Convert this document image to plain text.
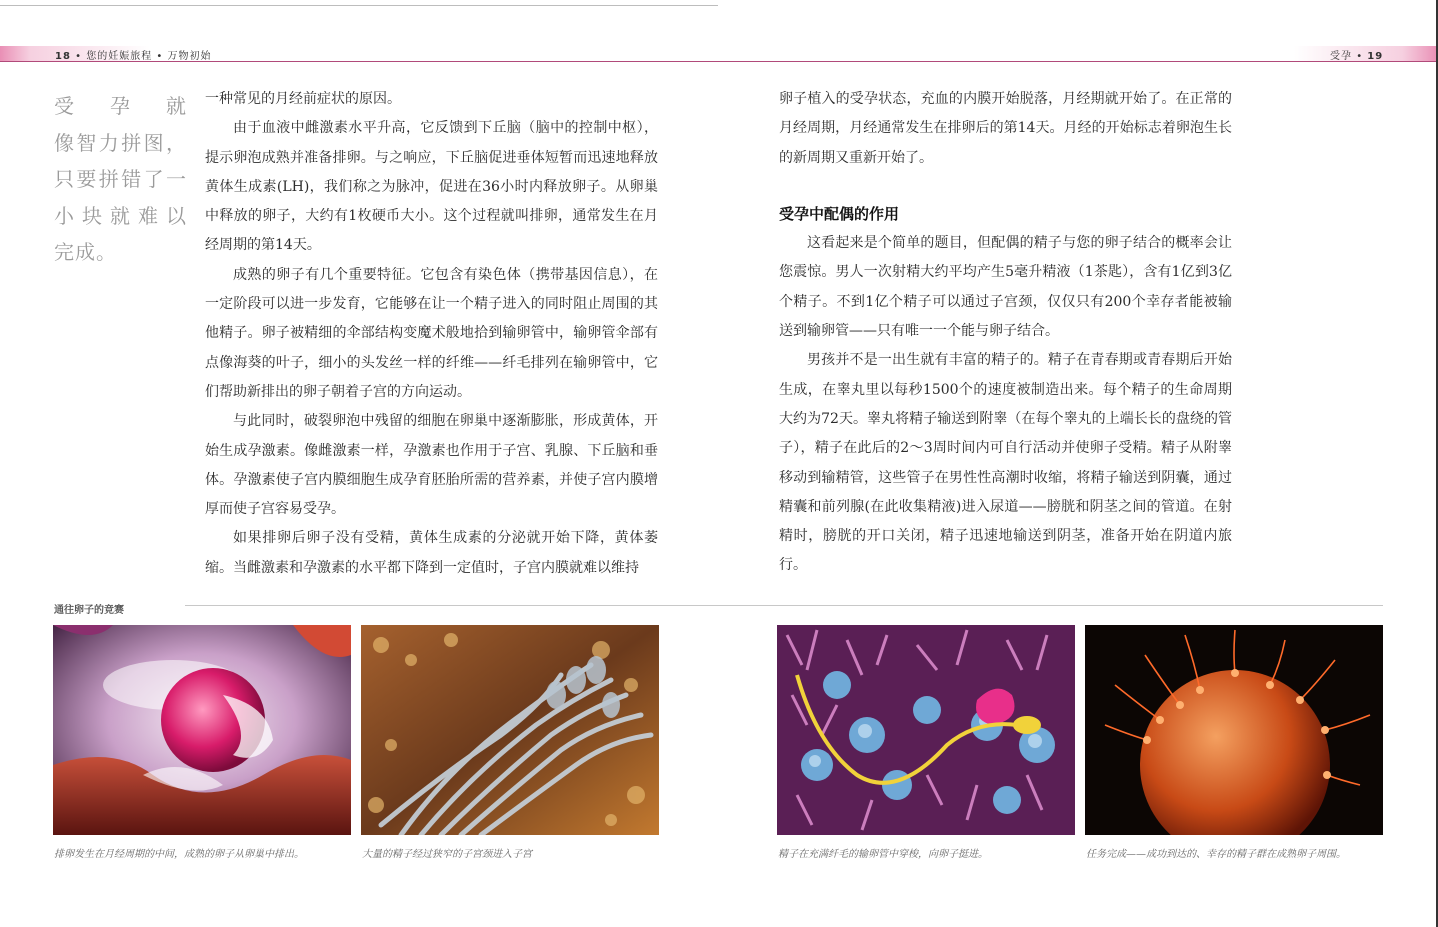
18 • 您的妊娠旅程 • 万物初始	受孕 • 19
受孕就
像智力拼图，
只要拼错了一
小块就难以
完成。

一种常见的月经前症状的原因。

由于血液中雌激素水平升高，它反馈到下丘脑（脑中的控制中枢），提示卵泡成熟并准备排卵。与之响应，下丘脑促进垂体短暂而迅速地释放黄体生成素(LH)，我们称之为脉冲，促进在36小时内释放卵子。从卵巢中释放的卵子，大约有1枚硬币大小。这个过程就叫排卵，通常发生在月经周期的第14天。

成熟的卵子有几个重要特征。它包含有染色体（携带基因信息），在一定阶段可以进一步发育，它能够在让一个精子进入的同时阻止周围的其他精子。卵子被精细的伞部结构变魔术般地拾到输卵管中，输卵管伞部有点像海葵的叶子，细小的头发丝一样的纤维——纤毛排列在输卵管中，它们帮助新排出的卵子朝着子宫的方向运动。

与此同时，破裂卵泡中残留的细胞在卵巢中逐渐膨胀，形成黄体，开始生成孕激素。像雌激素一样，孕激素也作用于子宫、乳腺、下丘脑和垂体。孕激素使子宫内膜细胞生成孕育胚胎所需的营养素，并使子宫内膜增厚而使子宫容易受孕。

如果排卵后卵子没有受精，黄体生成素的分泌就开始下降，黄体萎缩。当雌激素和孕激素的水平都下降到一定值时，子宫内膜就难以维持

卵子植入的受孕状态，充血的内膜开始脱落，月经期就开始了。在正常的月经周期，月经通常发生在排卵后的第14天。月经的开始标志着卵泡生长的新周期又重新开始了。

受孕中配偶的作用

这看起来是个简单的题目，但配偶的精子与您的卵子结合的概率会让您震惊。男人一次射精大约平均产生5毫升精液（1茶匙），含有1亿到3亿个精子。不到1亿个精子可以通过子宫颈，仅仅只有200个幸存者能被输送到输卵管——只有唯一一个能与卵子结合。

男孩并不是一出生就有丰富的精子的。精子在青春期或青春期后开始生成，在睾丸里以每秒1500个的速度被制造出来。每个精子的生命周期大约为72天。睾丸将精子输送到附睾（在每个睾丸的上端长长的盘绕的管子），精子在此后的2～3周时间内可自行活动并使卵子受精。精子从附睾移动到输精管，这些管子在男性性高潮时收缩，将精子输送到阴囊，通过精囊和前列腺(在此收集精液)进入尿道——膀胱和阴茎之间的管道。在射精时，膀胱的开口关闭，精子迅速地输送到阴茎，准备开始在阴道内旅行。

通往卵子的竞赛
排卵发生在月经周期的中间，成熟的卵子从卵巢中排出。	大量的精子经过狭窄的子宫颈进入子宫	精子在充满纤毛的输卵管中穿梭，向卵子挺进。	任务完成——成功到达的、幸存的精子群在成熟卵子周围。
